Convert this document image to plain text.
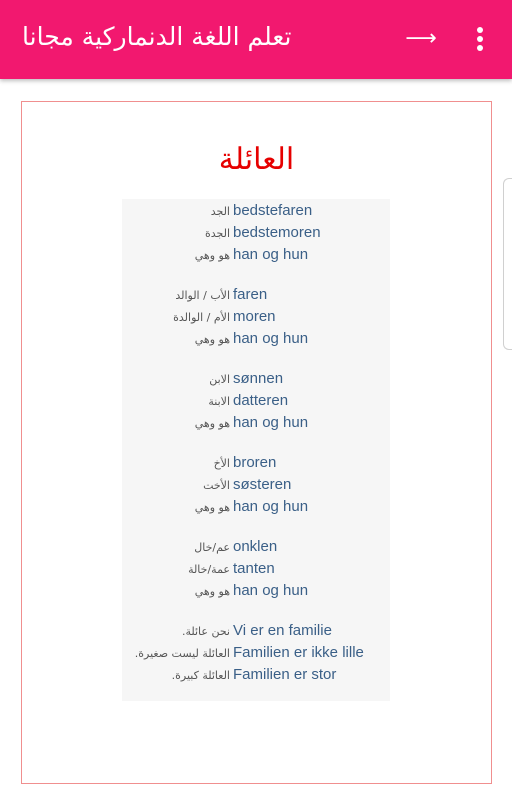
تعلم اللغة الدنماركية مجانا	⟶
العائلة
الجد bedstefaren
الجدة bedstemoren
هو وهي han og hun
الأب / الوالد faren
الأم / الوالدة moren
هو وهي han og hun
الابن sønnen
الابنة datteren
هو وهي han og hun
الأخ broren
الأخت søsteren
هو وهي han og hun
عم/خال onklen
عمة/خالة tanten
هو وهي han og hun
نحن عائلة. Vi er en familie
العائلة ليست صغيرة. Familien er ikke lille
العائلة كبيرة. Familien er stor
